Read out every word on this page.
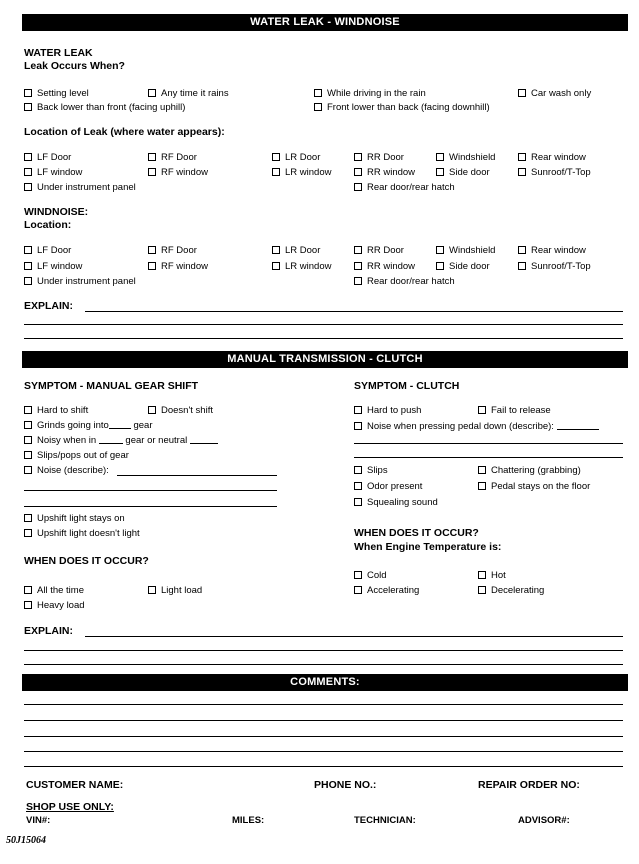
WATER LEAK - WINDNOISE
WATER LEAK
Leak Occurs When?
Setting level	Any time it rains	While driving in the rain	Car wash only
Back lower than front (facing uphill)	Front lower than back (facing downhill)
Location of Leak (where water appears):
LF Door	RF Door	LR Door	RR Door	Windshield	Rear window
LF window	RF window	LR window	RR window	Side door	Sunroof/T-Top
Under instrument panel	Rear door/rear hatch
WINDNOISE:
Location:
LF Door	RF Door	LR Door	RR Door	Windshield	Rear window
LF window	RF window	LR window	RR window	Side door	Sunroof/T-Top
Under instrument panel	Rear door/rear hatch
EXPLAIN:
MANUAL TRANSMISSION - CLUTCH
SYMPTOM - MANUAL GEAR SHIFT	SYMPTOM - CLUTCH
Hard to shift	Doesn't shift
Grinds going into	gear
Noisy when in	gear or neutral
Slips/pops out of gear
Noise (describe):
Upshift light stays on
Upshift light doesn't light
WHEN DOES IT OCCUR?
All the time	Light load
Heavy load
Hard to push	Fail to release
Noise when pressing pedal down (describe):
Slips	Chattering (grabbing)
Odor present	Pedal stays on the floor
Squealing sound
WHEN DOES IT OCCUR?
When Engine Temperature is:
Cold	Hot
Accelerating	Decelerating
EXPLAIN:
COMMENTS:
CUSTOMER NAME:	PHONE NO.:	REPAIR ORDER NO:
SHOP USE ONLY:
VIN#:	MILES:	TECHNICIAN:	ADVISOR#:
50J15064
